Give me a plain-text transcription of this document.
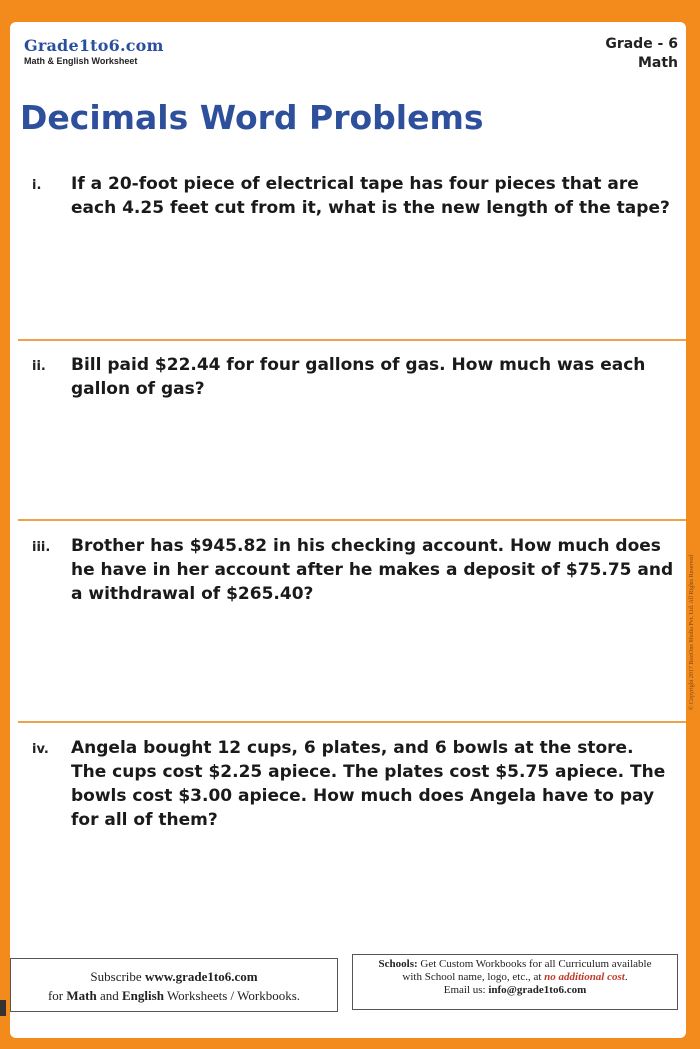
Grade1to6.com
Math & English Worksheet
Grade - 6
Math
Decimals Word Problems
i. If a 20-foot piece of electrical tape has four pieces that are
each 4.25 feet cut from it, what is the new length of the tape?
ii. Bill paid $22.44 for four gallons of gas. How much was each
gallon of gas?
iii. Brother has $945.82 in his checking account. How much does
he have in her account after he makes a deposit of $75.75 and
a withdrawal of $265.40?
iv. Angela bought 12 cups, 6 plates, and 6 bowls at the store.
The cups cost $2.25 apiece. The plates cost $5.75 apiece. The
bowls cost $3.00 apiece. How much does Angela have to pay
for all of them?
Subscribe www.grade1to6.com
for Math and English Worksheets / Workbooks.
Schools: Get Custom Workbooks for all Curriculum available
with School name, logo, etc., at no additional cost.
Email us: info@grade1to6.com
© Copyright 2017 BestOne Media Pvt. Ltd. All Rights Reserved
